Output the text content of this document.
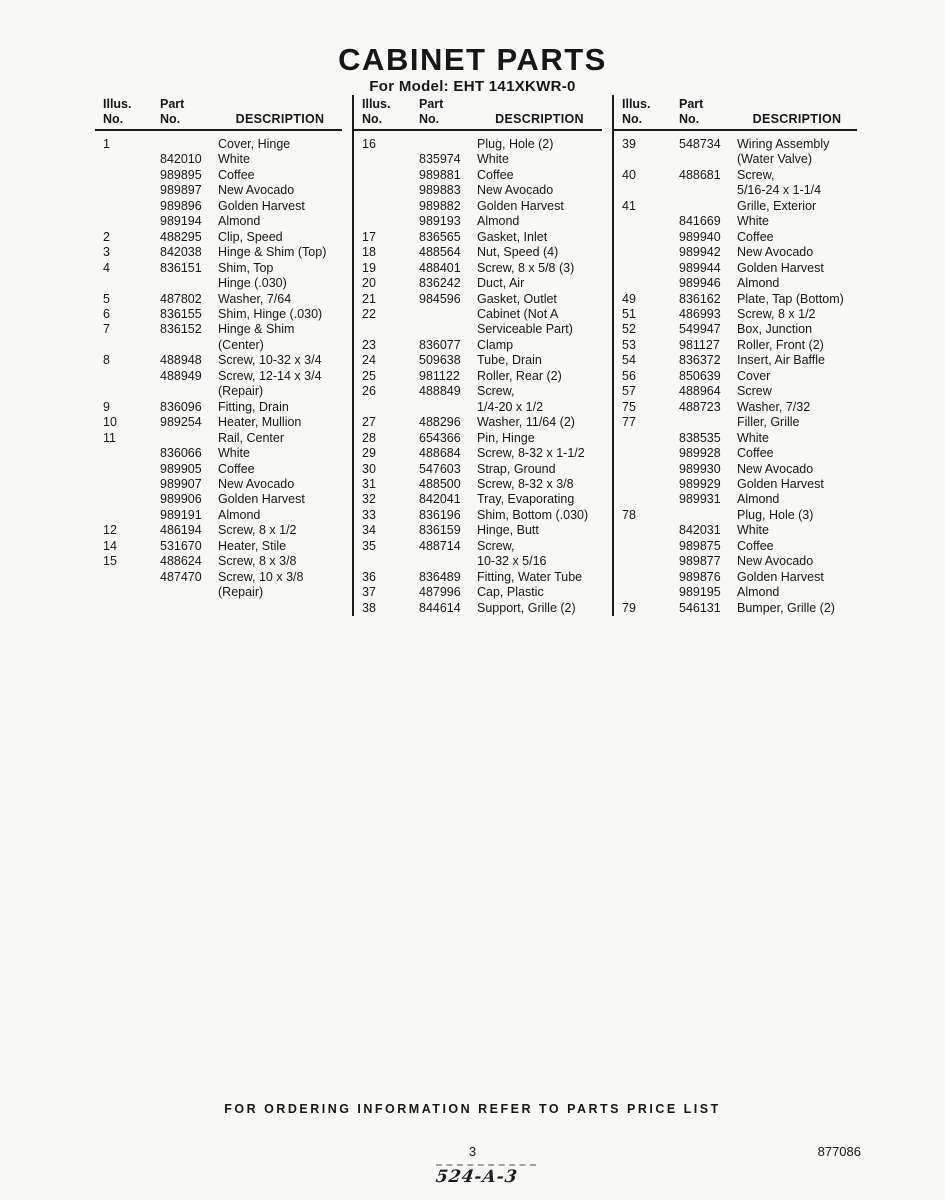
CABINET PARTS
For Model: EHT 141XKWR-0
Illus.
No.
Part
No.	DESCRIPTION
1	Cover, Hinge
842010	White
989895	Coffee
989897	New Avocado
989896	Golden Harvest
989194	Almond
2	488295	Clip, Speed
3	842038	Hinge & Shim (Top)
4	836151	Shim, Top
Hinge (.030)
5	487802	Washer, 7/64
6	836155	Shim, Hinge (.030)
7	836152	Hinge & Shim
(Center)
8	488948	Screw, 10-32 x 3/4
488949	Screw, 12-14 x 3/4
(Repair)
9	836096	Fitting, Drain
10	989254	Heater, Mullion
11	Rail, Center
836066	White
989905	Coffee
989907	New Avocado
989906	Golden Harvest
989191	Almond
12	486194	Screw, 8 x 1/2
14	531670	Heater, Stile
15	488624	Screw, 8 x 3/8
487470	Screw, 10 x 3/8
(Repair)
Illus.
No.
Part
No.	DESCRIPTION
16	Plug, Hole (2)
835974	White
989881	Coffee
989883	New Avocado
989882	Golden Harvest
989193	Almond
17	836565	Gasket, Inlet
18	488564	Nut, Speed (4)
19	488401	Screw, 8 x 5/8 (3)
20	836242	Duct, Air
21	984596	Gasket, Outlet
22	Cabinet (Not A
Serviceable Part)
23	836077	Clamp
24	509638	Tube, Drain
25	981122	Roller, Rear (2)
26	488849	Screw,
1/4-20 x 1/2
27	488296	Washer, 11/64 (2)
28	654366	Pin, Hinge
29	488684	Screw, 8-32 x 1-1/2
30	547603	Strap, Ground
31	488500	Screw, 8-32 x 3/8
32	842041	Tray, Evaporating
33	836196	Shim, Bottom (.030)
34	836159	Hinge, Butt
35	488714	Screw,
10-32 x 5/16
36	836489	Fitting, Water Tube
37	487996	Cap, Plastic
38	844614	Support, Grille (2)
Illus.
No.
Part
No.	DESCRIPTION
39	548734	Wiring Assembly
(Water Valve)
40	488681	Screw,
5/16-24 x 1-1/4
41	Grille, Exterior
841669	White
989940	Coffee
989942	New Avocado
989944	Golden Harvest
989946	Almond
49	836162	Plate, Tap (Bottom)
51	486993	Screw, 8 x 1/2
52	549947	Box, Junction
53	981127	Roller, Front (2)
54	836372	Insert, Air Baffle
56	850639	Cover
57	488964	Screw
75	488723	Washer, 7/32
77	Filler, Grille
838535	White
989928	Coffee
989930	New Avocado
989929	Golden Harvest
989931	Almond
78	Plug, Hole (3)
842031	White
989875	Coffee
989877	New Avocado
989876	Golden Harvest
989195	Almond
79	546131	Bumper, Grille (2)
FOR ORDERING INFORMATION REFER TO PARTS PRICE LIST
3	877086
524-A-3
